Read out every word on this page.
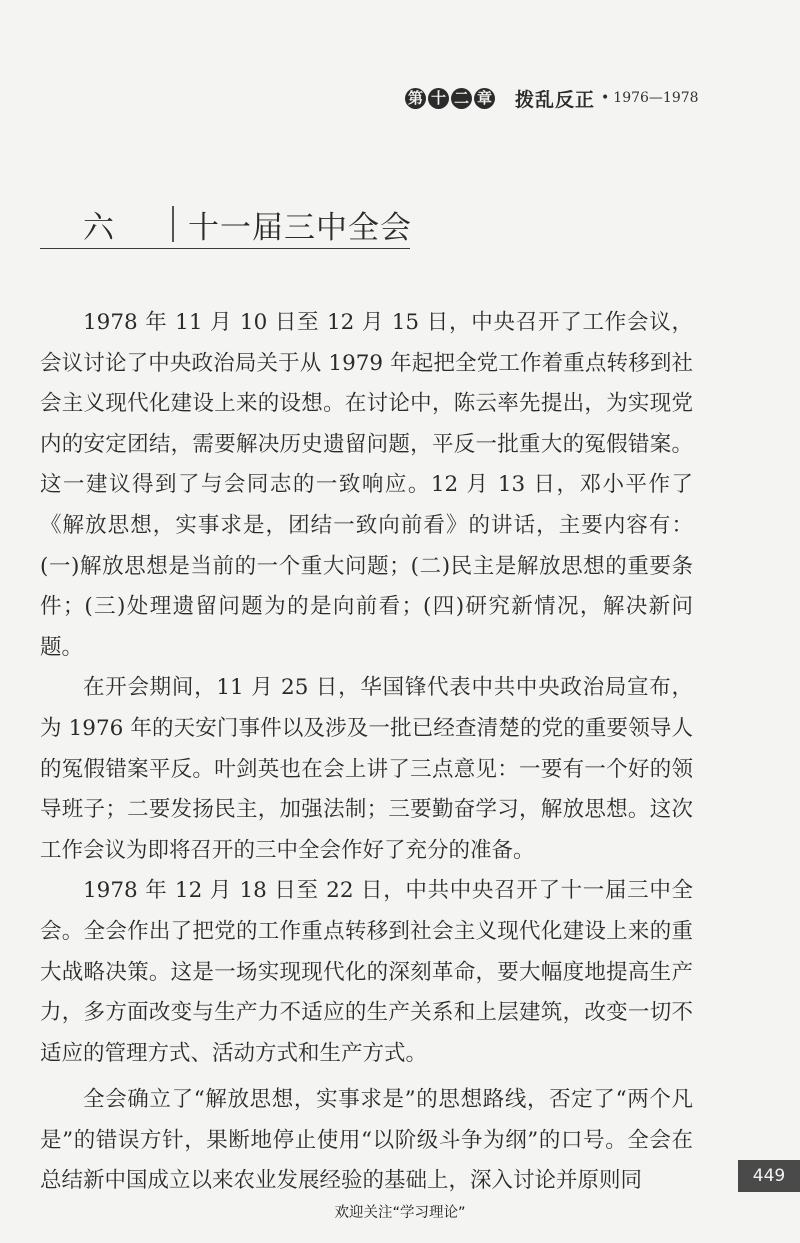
第 十 二 章 拨乱反正 • 1976—1978
六 十一届三中全会

1978 年 11 月 10 日至 12 月 15 日，中央召开了工作会议，会议讨论了中央政治局关于从 1979 年起把全党工作着重点转移到社会主义现代化建设上来的设想。在讨论中，陈云率先提出，为实现党内的安定团结，需要解决历史遗留问题，平反一批重大的冤假错案。这一建议得到了与会同志的一致响应。12 月 13 日，邓小平作了《解放思想，实事求是，团结一致向前看》的讲话，主要内容有：(一)解放思想是当前的一个重大问题；(二)民主是解放思想的重要条件；(三)处理遗留问题为的是向前看；(四)研究新情况，解决新问题。

在开会期间，11 月 25 日，华国锋代表中共中央政治局宣布，为 1976 年的天安门事件以及涉及一批已经查清楚的党的重要领导人的冤假错案平反。叶剑英也在会上讲了三点意见：一要有一个好的领导班子；二要发扬民主，加强法制；三要勤奋学习，解放思想。这次工作会议为即将召开的三中全会作好了充分的准备。

1978 年 12 月 18 日至 22 日，中共中央召开了十一届三中全会。全会作出了把党的工作重点转移到社会主义现代化建设上来的重大战略决策。这是一场实现现代化的深刻革命，要大幅度地提高生产力，多方面改变与生产力不适应的生产关系和上层建筑，改变一切不适应的管理方式、活动方式和生产方式。

全会确立了“解放思想，实事求是”的思想路线，否定了“两个凡是”的错误方针，果断地停止使用“以阶级斗争为纲”的口号。全会在总结新中国成立以来农业发展经验的基础上，深入讨论并原则同	449
欢迎关注“学习理论”
